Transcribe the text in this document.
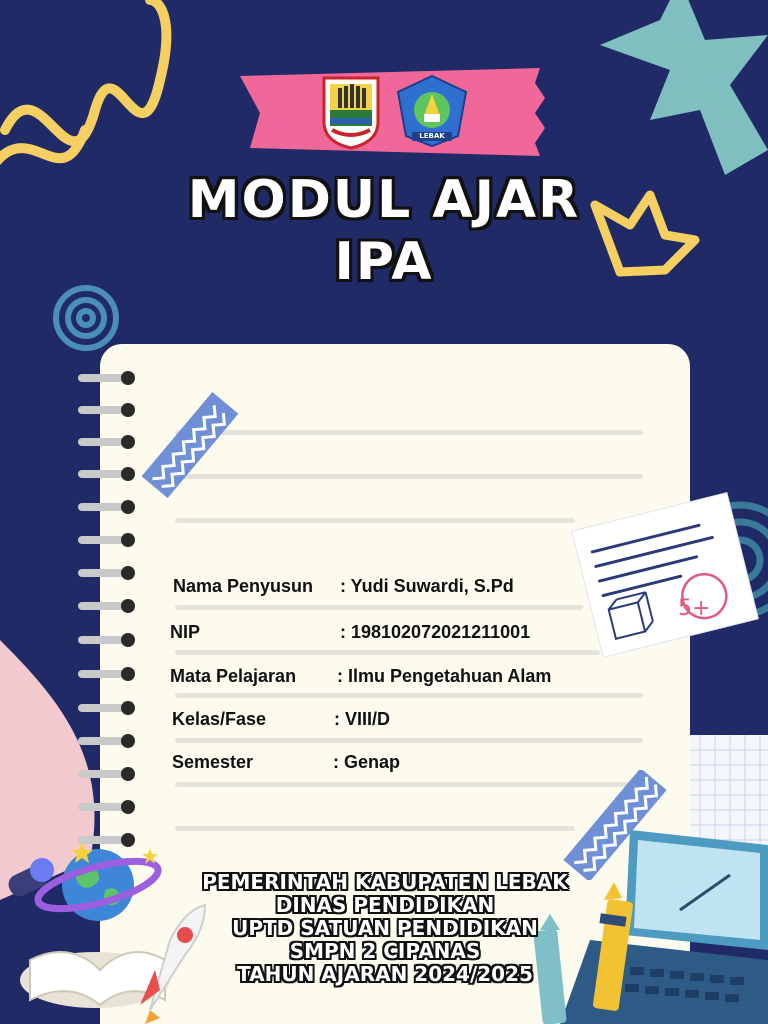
LEBAK
MODUL AJAR
IPA
5+
Nama Penyusun : Yudi Suwardi, S.Pd
NIP	: 198102072021211001
Mata Pelajaran : Ilmu Pengetahuan Alam
Kelas/Fase	: VIII/D
Semester	: Genap
PEMERINTAH KABUPATEN LEBAK
DINAS PENDIDIKAN
UPTD SATUAN PENDIDIKAN
SMPN 2 CIPANAS
TAHUN AJARAN 2024/2025
